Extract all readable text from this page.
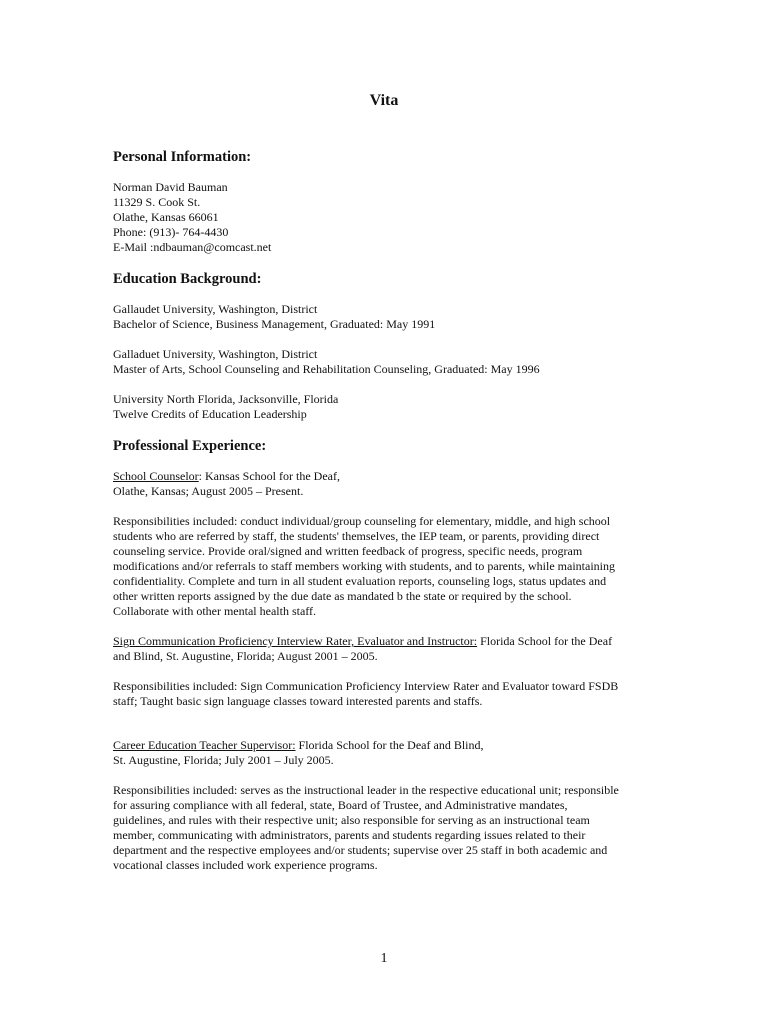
Vita
Personal Information:
Norman David Bauman
11329 S. Cook St.
Olathe, Kansas 66061
Phone: (913)- 764-4430
E-Mail :ndbauman@comcast.net
Education Background:
Gallaudet University, Washington, District
Bachelor of Science, Business Management, Graduated: May 1991
Galladuet University, Washington, District
Master of Arts, School Counseling and Rehabilitation Counseling, Graduated: May 1996
University North Florida, Jacksonville, Florida
Twelve Credits of Education Leadership
Professional Experience:
School Counselor: Kansas School for the Deaf,
Olathe, Kansas; August 2005 – Present.
Responsibilities included: conduct individual/group counseling for elementary, middle, and high school
students who are referred by staff, the students' themselves, the IEP team, or parents, providing direct
counseling service. Provide oral/signed and written feedback of progress, specific needs, program
modifications and/or referrals to staff members working with students, and to parents, while maintaining
confidentiality. Complete and turn in all student evaluation reports, counseling logs, status updates and
other written reports assigned by the due date as mandated b the state or required by the school.
Collaborate with other mental health staff.
Sign Communication Proficiency Interview Rater, Evaluator and Instructor: Florida School for the Deaf
and Blind, St. Augustine, Florida; August 2001 – 2005.
Responsibilities included: Sign Communication Proficiency Interview Rater and Evaluator toward FSDB
staff; Taught basic sign language classes toward interested parents and staffs.
Career Education Teacher Supervisor: Florida School for the Deaf and Blind,
St. Augustine, Florida; July 2001 – July 2005.
Responsibilities included: serves as the instructional leader in the respective educational unit; responsible
for assuring compliance with all federal, state, Board of Trustee, and Administrative mandates,
guidelines, and rules with their respective unit; also responsible for serving as an instructional team
member, communicating with administrators, parents and students regarding issues related to their
department and the respective employees and/or students; supervise over 25 staff in both academic and
vocational classes included work experience programs.
1
